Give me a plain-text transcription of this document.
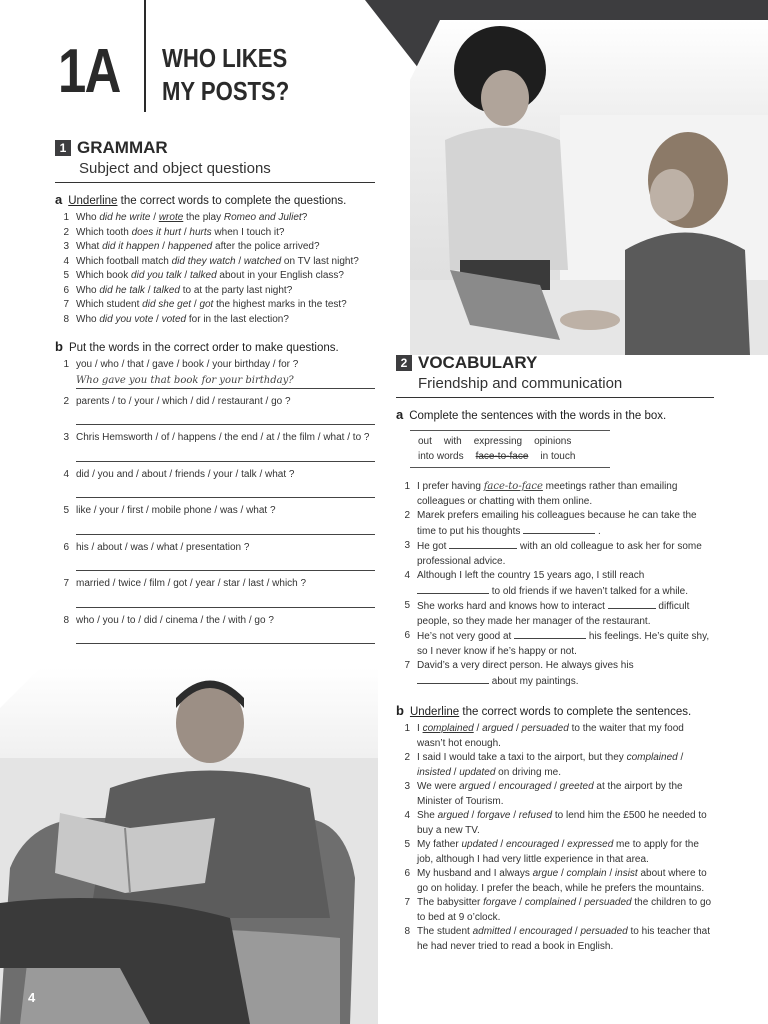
1A WHO LIKES
MY POSTS?
4
1 GRAMMAR
Subject and object questions
a Underline the correct words to complete the questions.
1 Who did he write / wrote the play Romeo and Juliet?
2 Which tooth does it hurt / hurts when I touch it?
3 What did it happen / happened after the police arrived?
4 Which football match did they watch / watched on TV last night?
5 Which book did you talk / talked about in your English class?
6 Who did he talk / talked to at the party last night?
7 Which student did she get / got the highest marks in the test?
8 Who did you vote / voted for in the last election?
b Put the words in the correct order to make questions.
1 you / who / that / gave / book / your birthday / for ?
Who gave you that book for your birthday?
2 parents / to / your / which / did / restaurant / go ?
3 Chris Hemsworth / of / happens / the end / at / the film / what / to ?
4 did / you and / about / friends / your / talk / what ?
5 like / your / first / mobile phone / was / what ?
6 his / about / was / what / presentation ?
7 married / twice / film / got / year / star / last / which ?
8 who / you / to / did / cinema / the / with / go ?
2 VOCABULARY
Friendship and communication
a Complete the sentences with the words in the box.
out with expressing opinions
into words face-to-face in touch
1 I prefer having face-to-face meetings rather than emailing colleagues or chatting with them online.
2 Marek prefers emailing his colleagues because he can take the time to put his thoughts	.
3 He got	with an old colleague to ask her for some professional advice.
4 Although I left the country 15 years ago, I still reach
to old friends if we haven’t talked for a while.
5 She works hard and knows how to interact	difficult people, so they made her manager of the restaurant.
6 He’s not very good at	his feelings. He’s quite shy, so I never know if he’s happy or not.
7 David’s a very direct person. He always gives his
about my paintings.
b Underline the correct words to complete the sentences.
1 I complained / argued / persuaded to the waiter that my food wasn’t hot enough.
2 I said I would take a taxi to the airport, but they complained / insisted / updated on driving me.
3 We were argued / encouraged / greeted at the airport by the Minister of Tourism.
4 She argued / forgave / refused to lend him the £500 he needed to buy a new TV.
5 My father updated / encouraged / expressed me to apply for the job, although I had very little experience in that area.
6 My husband and I always argue / complain / insist about where to go on holiday. I prefer the beach, while he prefers the mountains.
7 The babysitter forgave / complained / persuaded the children to go to bed at 9 o’clock.
8 The student admitted / encouraged / persuaded to his teacher that he had never tried to read a book in English.
